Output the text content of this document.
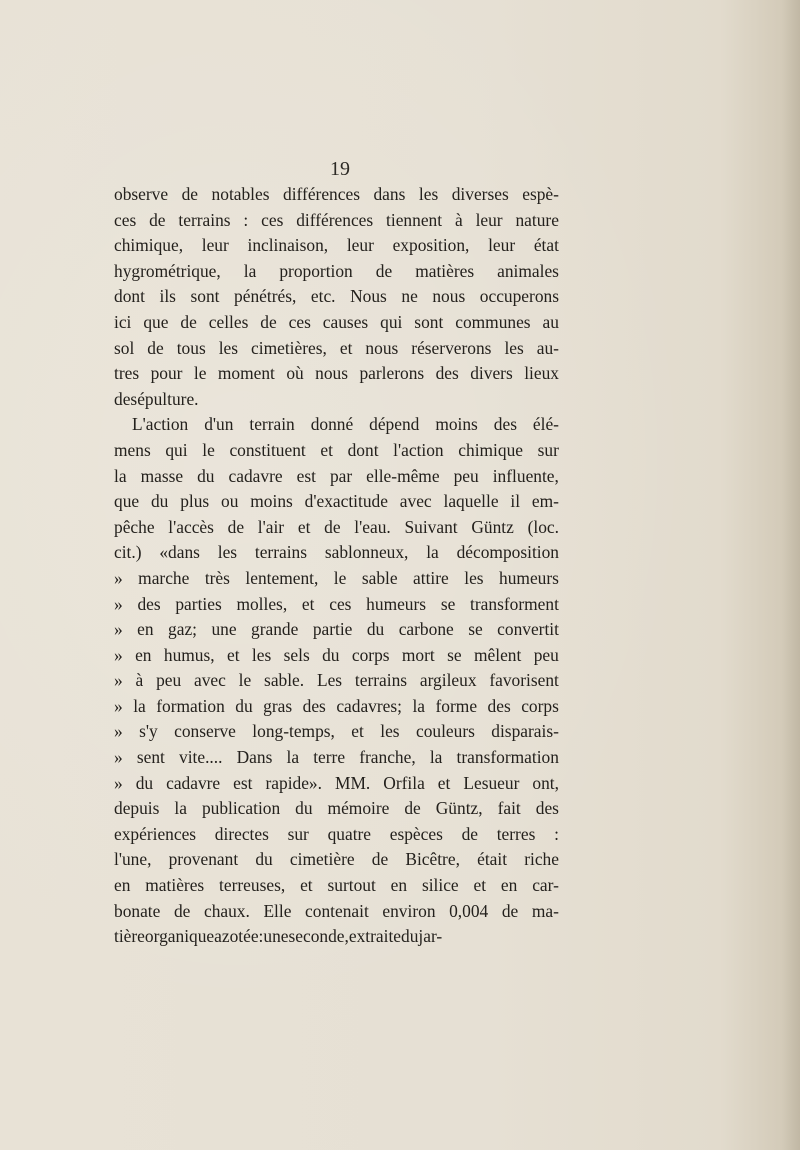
19
observe de notables différences dans les diverses espè-
ces de terrains : ces différences tiennent à leur nature
chimique, leur inclinaison, leur exposition, leur état
hygrométrique, la proportion de matières animales
dont ils sont pénétrés, etc. Nous ne nous occuperons
ici que de celles de ces causes qui sont communes au
sol de tous les cimetières, et nous réserverons les au-
tres pour le moment où nous parlerons des divers lieux
de sépulture.
L'action d'un terrain donné dépend moins des élé-
mens qui le constituent et dont l'action chimique sur
la masse du cadavre est par elle-même peu influente,
que du plus ou moins d'exactitude avec laquelle il em-
pêche l'accès de l'air et de l'eau. Suivant Güntz (loc.
cit.) «dans les terrains sablonneux, la décomposition
» marche très lentement, le sable attire les humeurs
» des parties molles, et ces humeurs se transforment
» en gaz; une grande partie du carbone se convertit
» en humus, et les sels du corps mort se mêlent peu
» à peu avec le sable. Les terrains argileux favorisent
» la formation du gras des cadavres; la forme des corps
» s'y conserve long-temps, et les couleurs disparais-
» sent vite.... Dans la terre franche, la transformation
» du cadavre est rapide». MM. Orfila et Lesueur ont,
depuis la publication du mémoire de Güntz, fait des
expériences directes sur quatre espèces de terres :
l'une, provenant du cimetière de Bicêtre, était riche
en matières terreuses, et surtout en silice et en car-
bonate de chaux. Elle contenait environ 0,004 de ma-
tière organique azotée : une seconde, extraite du jar-
